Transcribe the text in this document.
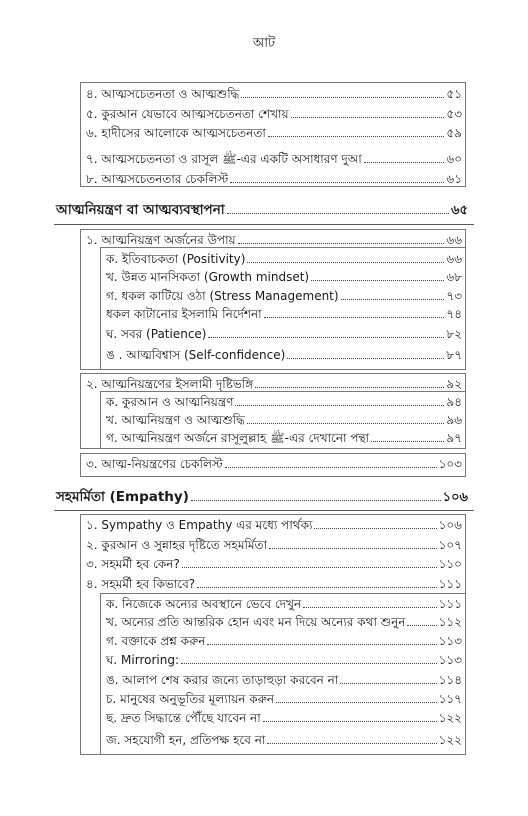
আট
৪. আত্মসচেতনতা ও আত্মশুদ্ধি	৫১
৫. কুরআন যেভাবে আত্মসচেতনতা শেখায়	৫৩
৬. হাদীসের আলোকে আত্মসচেতনতা	৫৯
৭. আত্মসচেতনতা ও রাসূল ﷺ-এর একটি অসাধারণ দুআ	৬০
৮. আত্মসচেতনতার চেকলিস্ট	৬১
আত্মনিয়ন্ত্রণ বা আত্মব্যবস্থাপনা	৬৫
১. আত্মনিয়ন্ত্রণ অর্জনের উপায়	৬৬
ক. ইতিবাচকতা (Positivity)	৬৬
খ. উন্নত মানসিকতা (Growth mindset)	৬৮
গ. ধকল কাটিয়ে ওঠা (Stress Management)	৭৩
ধকল কাটানোর ইসলামি নির্দেশনা	৭৪
ঘ. সবর (Patience)	৮২
ঙ . আত্মবিশ্বাস (Self-confidence)	৮৭
২. আত্মনিয়ন্ত্রণের ইসলামী দৃষ্টিভঙ্গি	৯২
ক. কুরআন ও আত্মনিয়ন্ত্রণ	৯৪
খ. আত্মনিয়ন্ত্রণ ও আত্মশুদ্ধি	৯৬
গ. আত্মনিয়ন্ত্রণ অর্জনে রাসূলুল্লাহ ﷺ-এর দেখানো পন্থা	৯৭
৩. আত্ম-নিয়ন্ত্রণের চেকলিস্ট	১০৩
সহমর্মিতা (Empathy)	১০৬
১. Sympathy ও Empathy এর মধ্যে পার্থক্য	১০৬
২. কুরআন ও সুন্নাহর দৃষ্টিতে সহমর্মিতা	১০৭
৩. সহমর্মী হব কেন?	১১০
৪. সহমর্মী হব কিভাবে?	১১১
ক. নিজেকে অন্যের অবস্থানে ভেবে দেখুন	১১১
খ. অন্যের প্রতি আন্তরিক হোন এবং মন দিয়ে অন্যের কথা শুনুন	১১২
গ. বক্তাকে প্রশ্ন করুন	১১৩
ঘ. Mirroring:	১১৩
ঙ. আলাপ শেষ করার জন্যে তাড়াহুড়া করবেন না	১১৪
চ. মানুষের অনুভূতির মূল্যায়ন করুন	১১৭
ছ. দ্রুত সিদ্ধান্তে পৌঁছে যাবেন না	১২২
জ. সহযোগী হন, প্রতিপক্ষ হবে না	১২২
